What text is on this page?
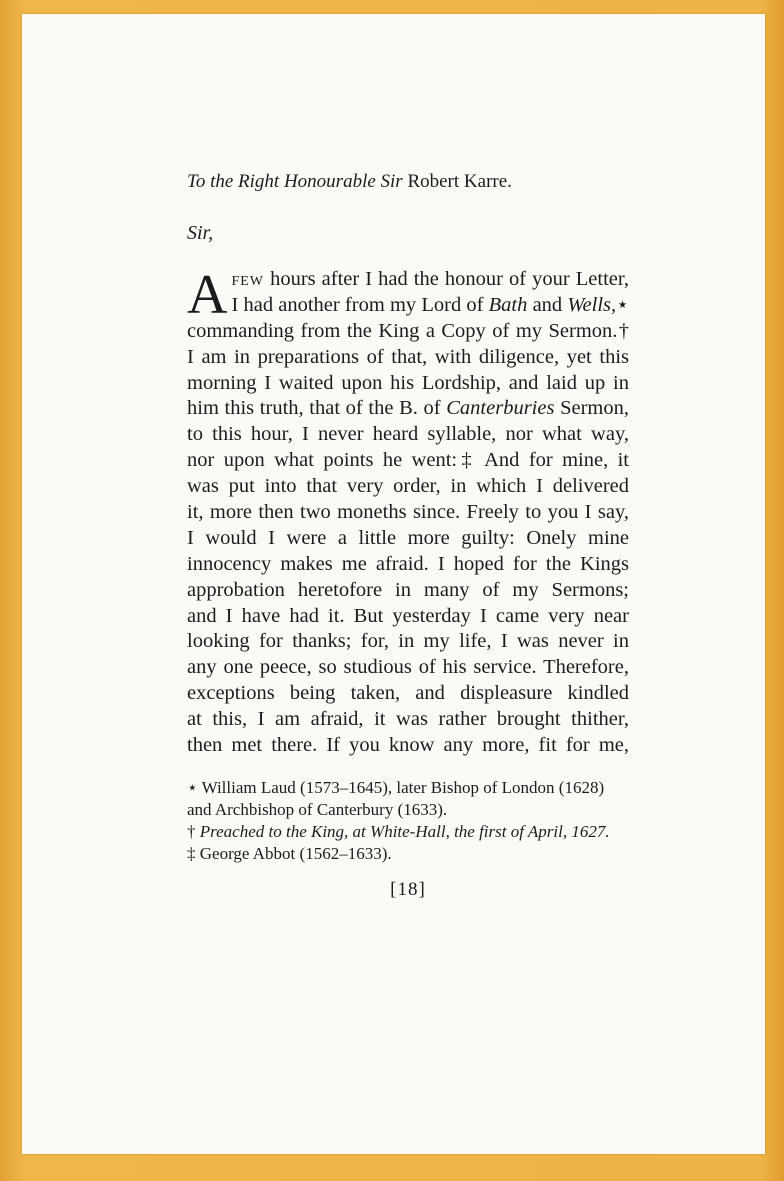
To the Right Honourable Sir Robert Karre.

Sir,

A few hours after I had the honour of your Letter,
I had another from my Lord of Bath and Wells,⋆
commanding from the King a Copy of my Sermon.†
I am in preparations of that, with diligence, yet this
morning I waited upon his Lordship, and laid up in
him this truth, that of the B. of Canterburies Sermon,
to this hour, I never heard syllable, nor what way,
nor upon what points he went:‡ And for mine, it
was put into that very order, in which I delivered
it, more then two moneths since. Freely to you I say,
I would I were a little more guilty: Onely mine
innocency makes me afraid. I hoped for the Kings
approbation heretofore in many of my Sermons;
and I have had it. But yesterday I came very near
looking for thanks; for, in my life, I was never in
any one peece, so studious of his service. Therefore,
exceptions being taken, and displeasure kindled
at this, I am afraid, it was rather brought thither,
then met there. If you know any more, fit for me,
⋆ William Laud (1573–1645), later Bishop of London (1628)
and Archbishop of Canterbury (1633).
† Preached to the King, at White-Hall, the first of April, 1627.
‡ George Abbot (1562–1633).
[18]
